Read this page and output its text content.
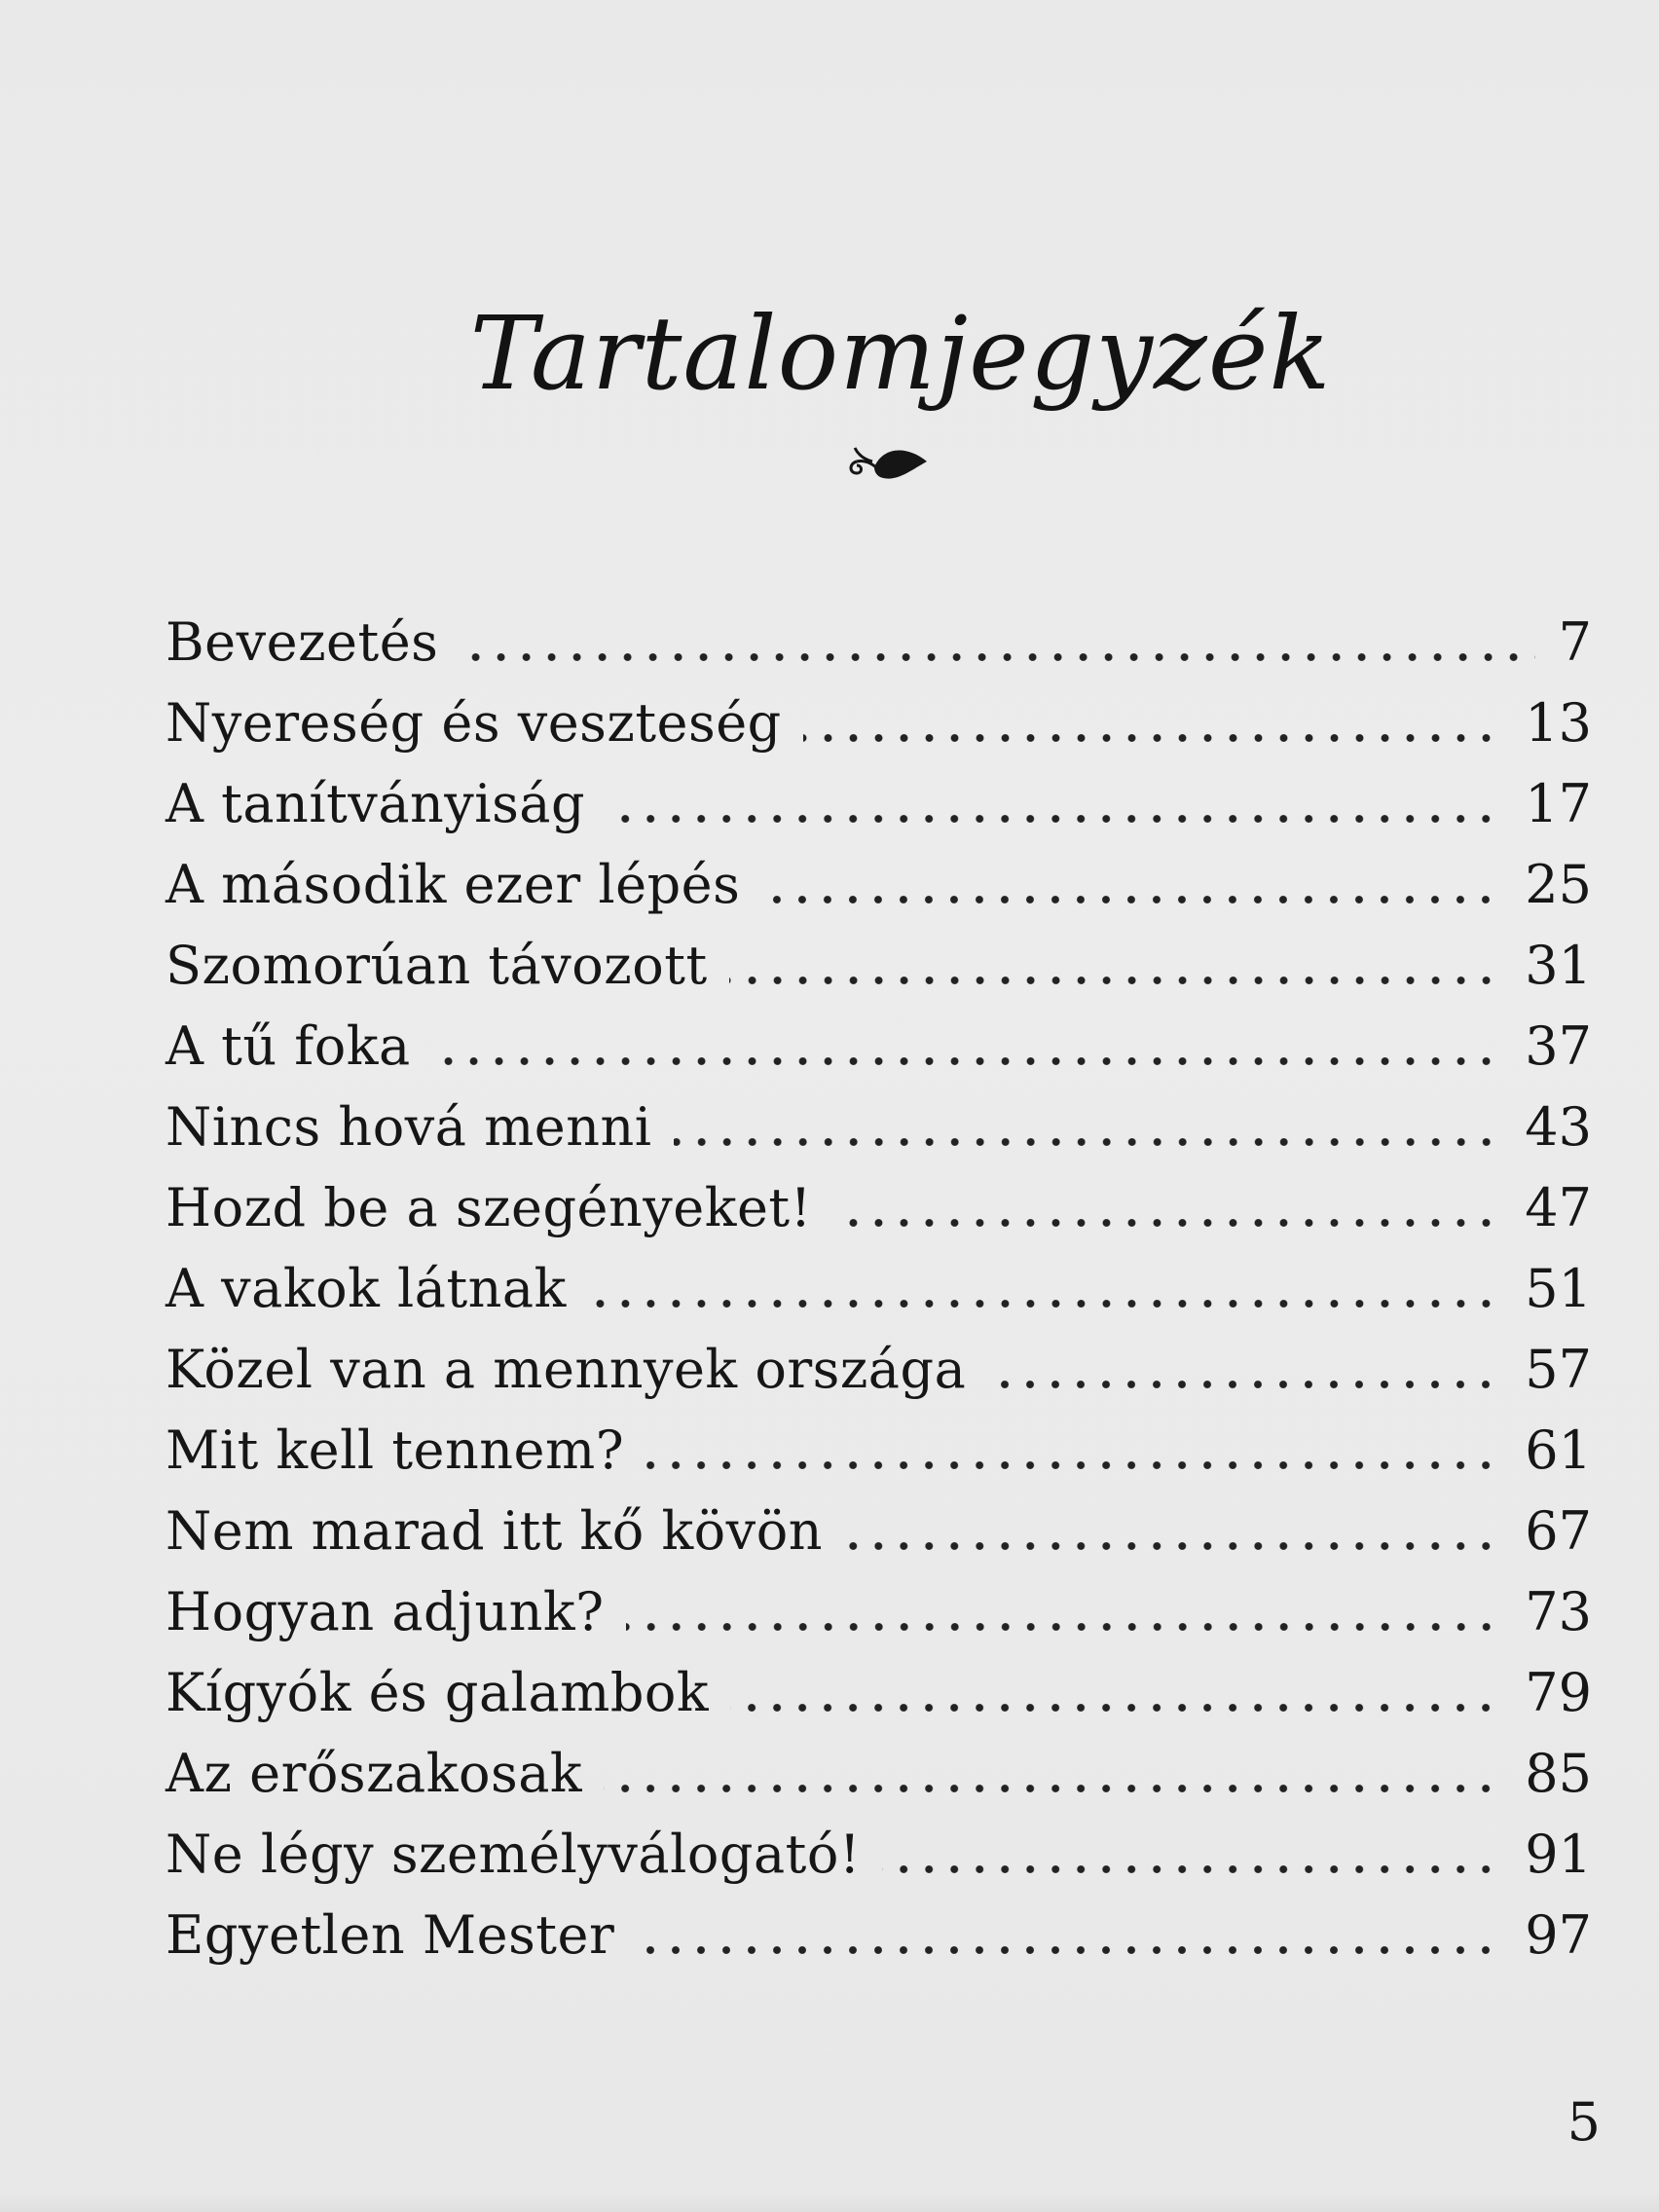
Tartalomjegyzék
Bevezetés	7
Nyereség és veszteség	13
A tanítványiság	17
A második ezer lépés	25
Szomorúan távozott	31
A tű foka	37
Nincs hová menni	43
Hozd be a szegényeket!	47
A vakok látnak	51
Közel van a mennyek országa	57
Mit kell tennem?	61
Nem marad itt kő kövön	67
Hogyan adjunk?	73
Kígyók és galambok	79
Az erőszakosak	85
Ne légy személyválogató!	91
Egyetlen Mester	97
5
